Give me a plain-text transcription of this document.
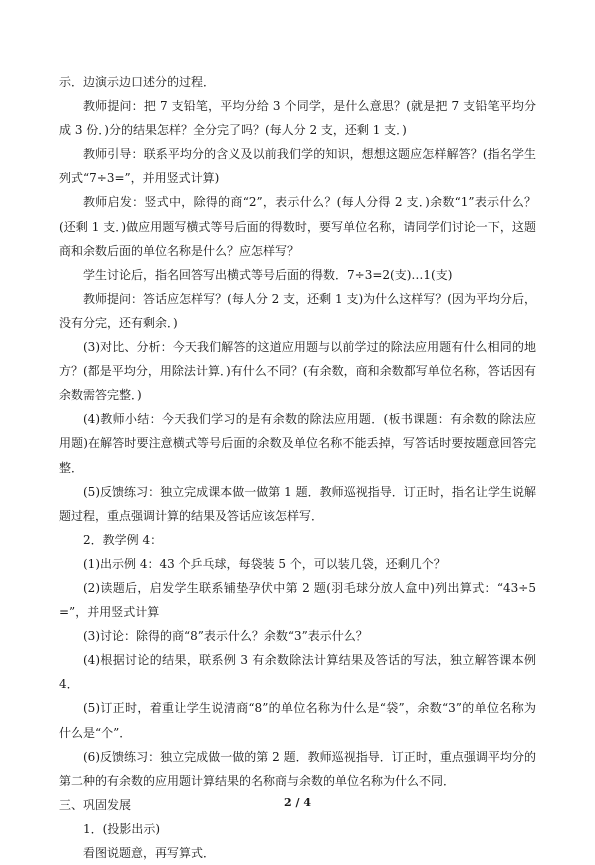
示．边演示边口述分的过程．

教师提问：把 7 支铅笔，平均分给 3 个同学，是什么意思？(就是把 7 支铅笔平均分成 3 份．)分的结果怎样？全分完了吗？(每人分 2 支，还剩 1 支．)

教师引导：联系平均分的含义及以前我们学的知识，想想这题应怎样解答？(指名学生列式“7÷3=”，并用竖式计算)

教师启发：竖式中，除得的商“2”，表示什么？(每人分得 2 支．)余数“1”表示什么？(还剩 1 支．)做应用题写横式等号后面的得数时，要写单位名称，请同学们讨论一下，这题商和余数后面的单位名称是什么？应怎样写？

学生讨论后，指名回答写出横式等号后面的得数．7÷3=2(支)…1(支)

教师提问：答话应怎样写？(每人分 2 支，还剩 1 支)为什么这样写？(因为平均分后，没有分完，还有剩余．)

(3)对比、分析：今天我们解答的这道应用题与以前学过的除法应用题有什么相同的地方？(都是平均分，用除法计算．)有什么不同？(有余数，商和余数都写单位名称，答话因有余数需答完整．)

(4)教师小结：今天我们学习的是有余数的除法应用题．(板书课题：有余数的除法应用题)在解答时要注意横式等号后面的余数及单位名称不能丢掉，写答话时要按题意回答完整．

(5)反馈练习：独立完成课本做一做第 1 题．教师巡视指导．订正时，指名让学生说解题过程，重点强调计算的结果及答话应该怎样写．

2．教学例 4：

(1)出示例 4：43 个乒乓球，每袋装 5 个，可以装几袋，还剩几个？

(2)读题后，启发学生联系铺垫孕伏中第 2 题(羽毛球分放人盒中)列出算式：“43÷5=”，并用竖式计算

(3)讨论：除得的商“8”表示什么？余数“3”表示什么？

(4)根据讨论的结果，联系例 3 有余数除法计算结果及答话的写法，独立解答课本例 4．

(5)订正时，着重让学生说清商“8”的单位名称为什么是“袋”，余数“3”的单位名称为什么是“个”．

(6)反馈练习：独立完成做一做的第 2 题．教师巡视指导．订正时，重点强调平均分的第二种的有余数的应用题计算结果的名称商与余数的单位名称为什么不同．

三、巩固发展

1．(投影出示)

看图说题意，再写算式．

2 / 4
